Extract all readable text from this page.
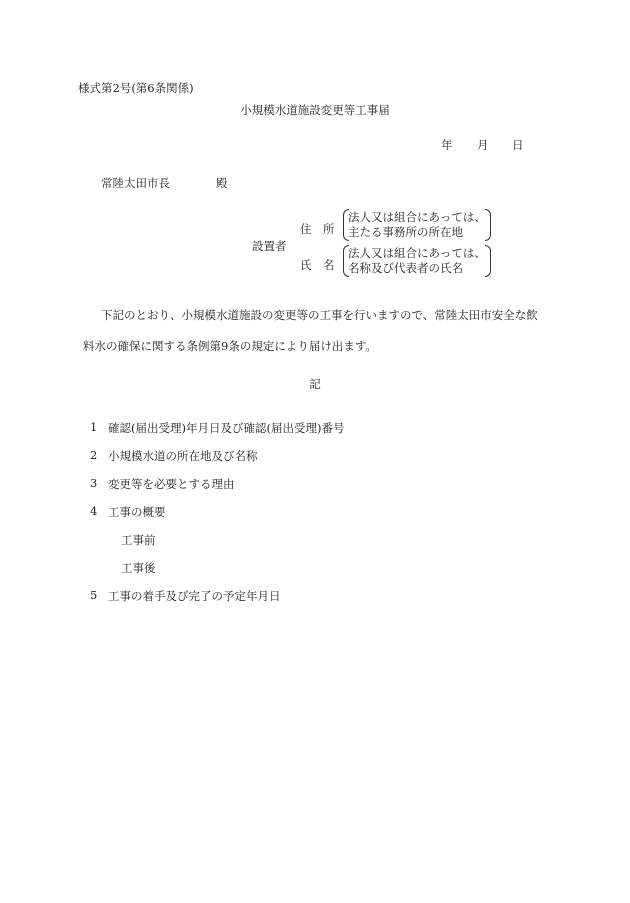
様式第2号(第6条関係)
小規模水道施設変更等工事届
年 月 日
常陸太田市長	殿
設置者
住　所
法人又は組合にあっては、
主たる事務所の所在地
氏　名
法人又は組合にあっては、
名称及び代表者の氏名
下記のとおり、小規模水道施設の変更等の工事を行いますので、常陸太田市安全な飲
料水の確保に関する条例第9条の規定により届け出ます。
記
1 確認(届出受理)年月日及び確認(届出受理)番号
2 小規模水道の所在地及び名称
3 変更等を必要とする理由
4 工事の概要
工事前
工事後
5 工事の着手及び完了の予定年月日
